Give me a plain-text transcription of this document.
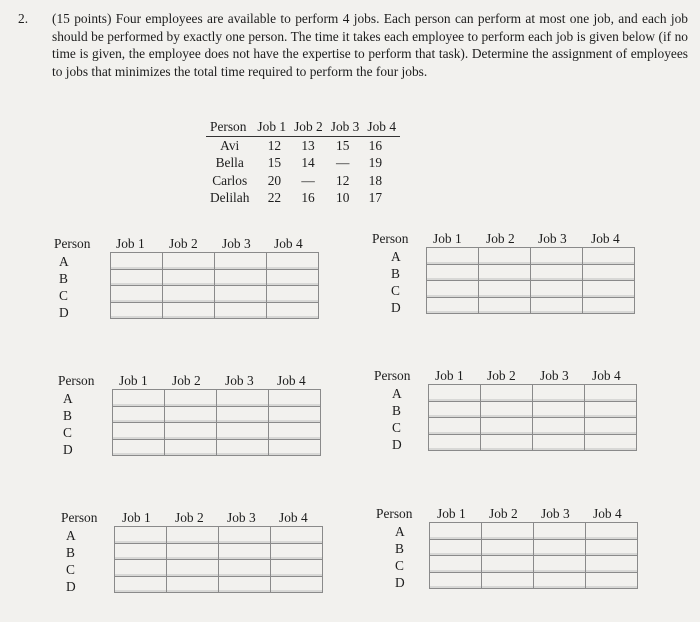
2. (15 points) Four employees are available to perform 4 jobs. Each person can perform at most one job, and each job should be performed by exactly one person. The time it takes each employee to perform each job is given below (if no time is given, the employee does not have the expertise to perform that task). Determine the assignment of employees to jobs that minimizes the total time required to perform the four jobs.
Person	Job 1	Job 2	Job 3	Job 4
Avi	12	13	15	16
Bella	15	14	—	19
Carlos	20	—	12	18
Delilah	22	16	10	17
Person Job 1 Job 2 Job 3 Job 4
A
B
C
D

Person Job 1 Job 2 Job 3 Job 4
A
B
C
D

Person Job 1 Job 2 Job 3 Job 4
A
B
C
D

Person Job 1 Job 2 Job 3 Job 4
A
B
C
D

Person Job 1 Job 2 Job 3 Job 4
A
B
C
D

Person Job 1 Job 2 Job 3 Job 4
A
B
C
D
